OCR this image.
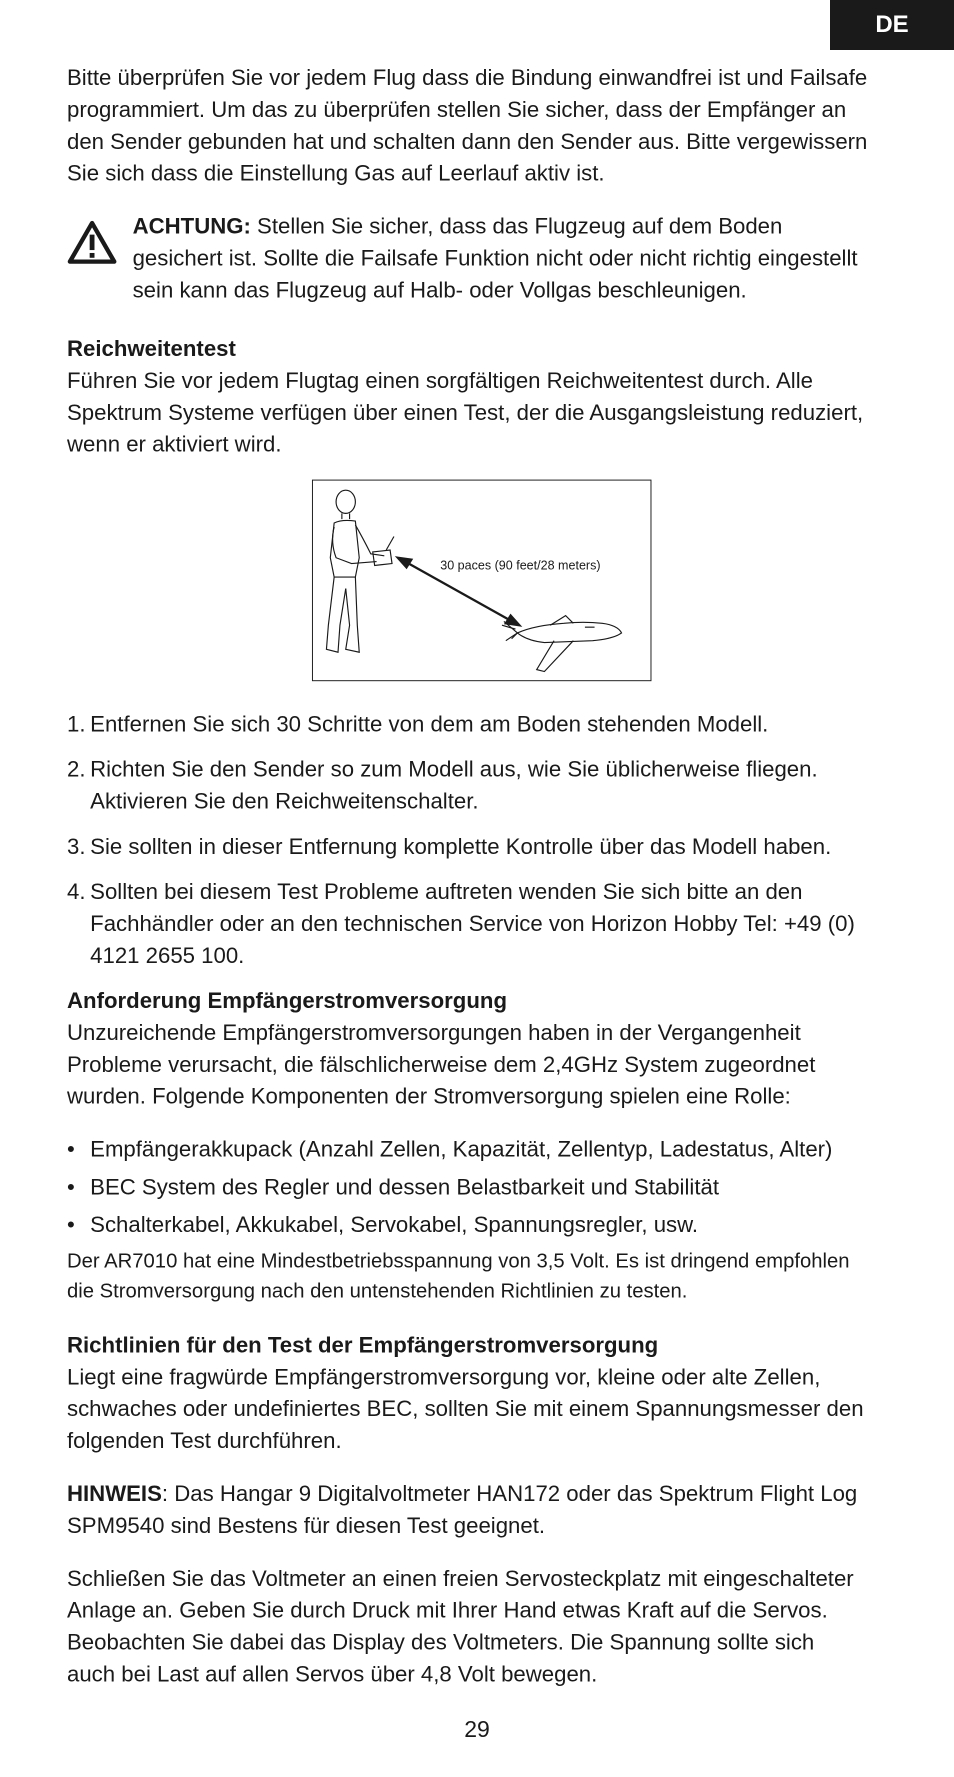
DE

Bitte überprüfen Sie vor jedem Flug dass die Bindung einwandfrei ist und Failsafe programmiert. Um das zu überprüfen stellen Sie sicher, dass der Empfänger an den Sender gebunden hat und schalten dann den Sender aus. Bitte vergewissern Sie sich dass die Einstellung Gas auf Leerlauf aktiv ist.

ACHTUNG: Stellen Sie sicher, dass das Flugzeug auf dem Boden gesichert ist. Sollte die Failsafe Funktion nicht oder nicht richtig eingestellt sein kann das Flugzeug auf Halb- oder Vollgas beschleunigen.

Reichweitentest

Führen Sie vor jedem Flugtag einen sorgfältigen Reichweitentest durch. Alle Spektrum Systeme verfügen über einen Test, der die Ausgangsleistung reduziert, wenn er aktiviert wird.

30 paces (90 feet/28 meters)
1. Entfernen Sie sich 30 Schritte von dem am Boden stehenden Modell.
2. Richten Sie den Sender so zum Modell aus, wie Sie üblicherweise fliegen. Aktivieren Sie den Reichweitenschalter.
3. Sie sollten in dieser Entfernung komplette Kontrolle über das Modell haben.
4. Sollten bei diesem Test Probleme auftreten wenden Sie sich bitte an den Fachhändler oder an den technischen Service von Horizon Hobby Tel: +49 (0) 4121 2655 100.

Anforderung Empfängerstromversorgung

Unzureichende Empfängerstromversorgungen haben in der Vergangenheit Probleme verursacht, die fälschlicherweise dem 2,4GHz System zugeordnet wurden. Folgende Komponenten der Stromversorgung spielen eine Rolle:

• Empfängerakkupack (Anzahl Zellen, Kapazität, Zellentyp, Ladestatus, Alter)
• BEC System des Regler und dessen Belastbarkeit und Stabilität
• Schalterkabel, Akkukabel, Servokabel, Spannungsregler, usw.

Der AR7010 hat eine Mindestbetriebsspannung von 3,5 Volt. Es ist dringend empfohlen die Stromversorgung nach den untenstehenden Richtlinien zu testen.

Richtlinien für den Test der Empfängerstromversorgung

Liegt eine fragwürde Empfängerstromversorgung vor, kleine oder alte Zellen, schwaches oder undefiniertes BEC, sollten Sie mit einem Spannungsmesser den folgenden Test durchführen.

HINWEIS: Das Hangar 9 Digitalvoltmeter HAN172 oder das Spektrum Flight Log SPM9540 sind Bestens für diesen Test geeignet.

Schließen Sie das Voltmeter an einen freien Servosteckplatz mit eingeschalteter Anlage an. Geben Sie durch Druck mit Ihrer Hand etwas Kraft auf die Servos. Beobachten Sie dabei das Display des Voltmeters. Die Spannung sollte sich auch bei Last auf allen Servos über 4,8 Volt bewegen.

29
